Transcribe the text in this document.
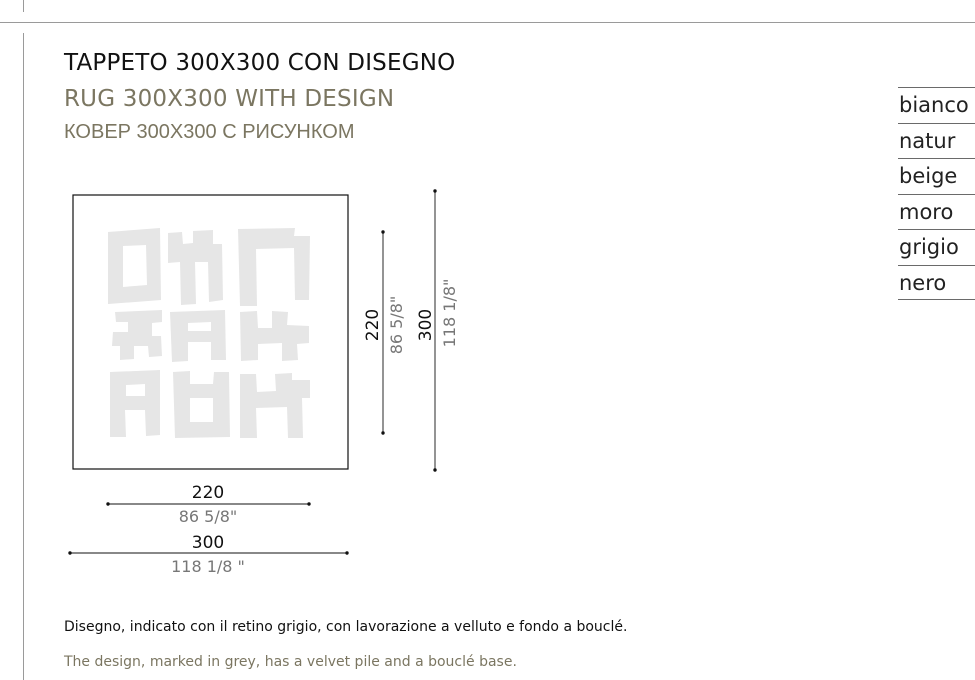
TAPPETO 300X300 CON DISEGNO
RUG 300X300 WITH DESIGN
КОВЕР 300X300 С РИСУНКОМ
bianco
natur
beige
moro
grigio
nero
220 86 5/8" 300 118 1/8"
220
86 5/8"
300
118 1/8 "
Disegno, indicato con il retino grigio, con lavorazione a velluto e fondo a bouclé.
The design, marked in grey, has a velvet pile and a bouclé base.
